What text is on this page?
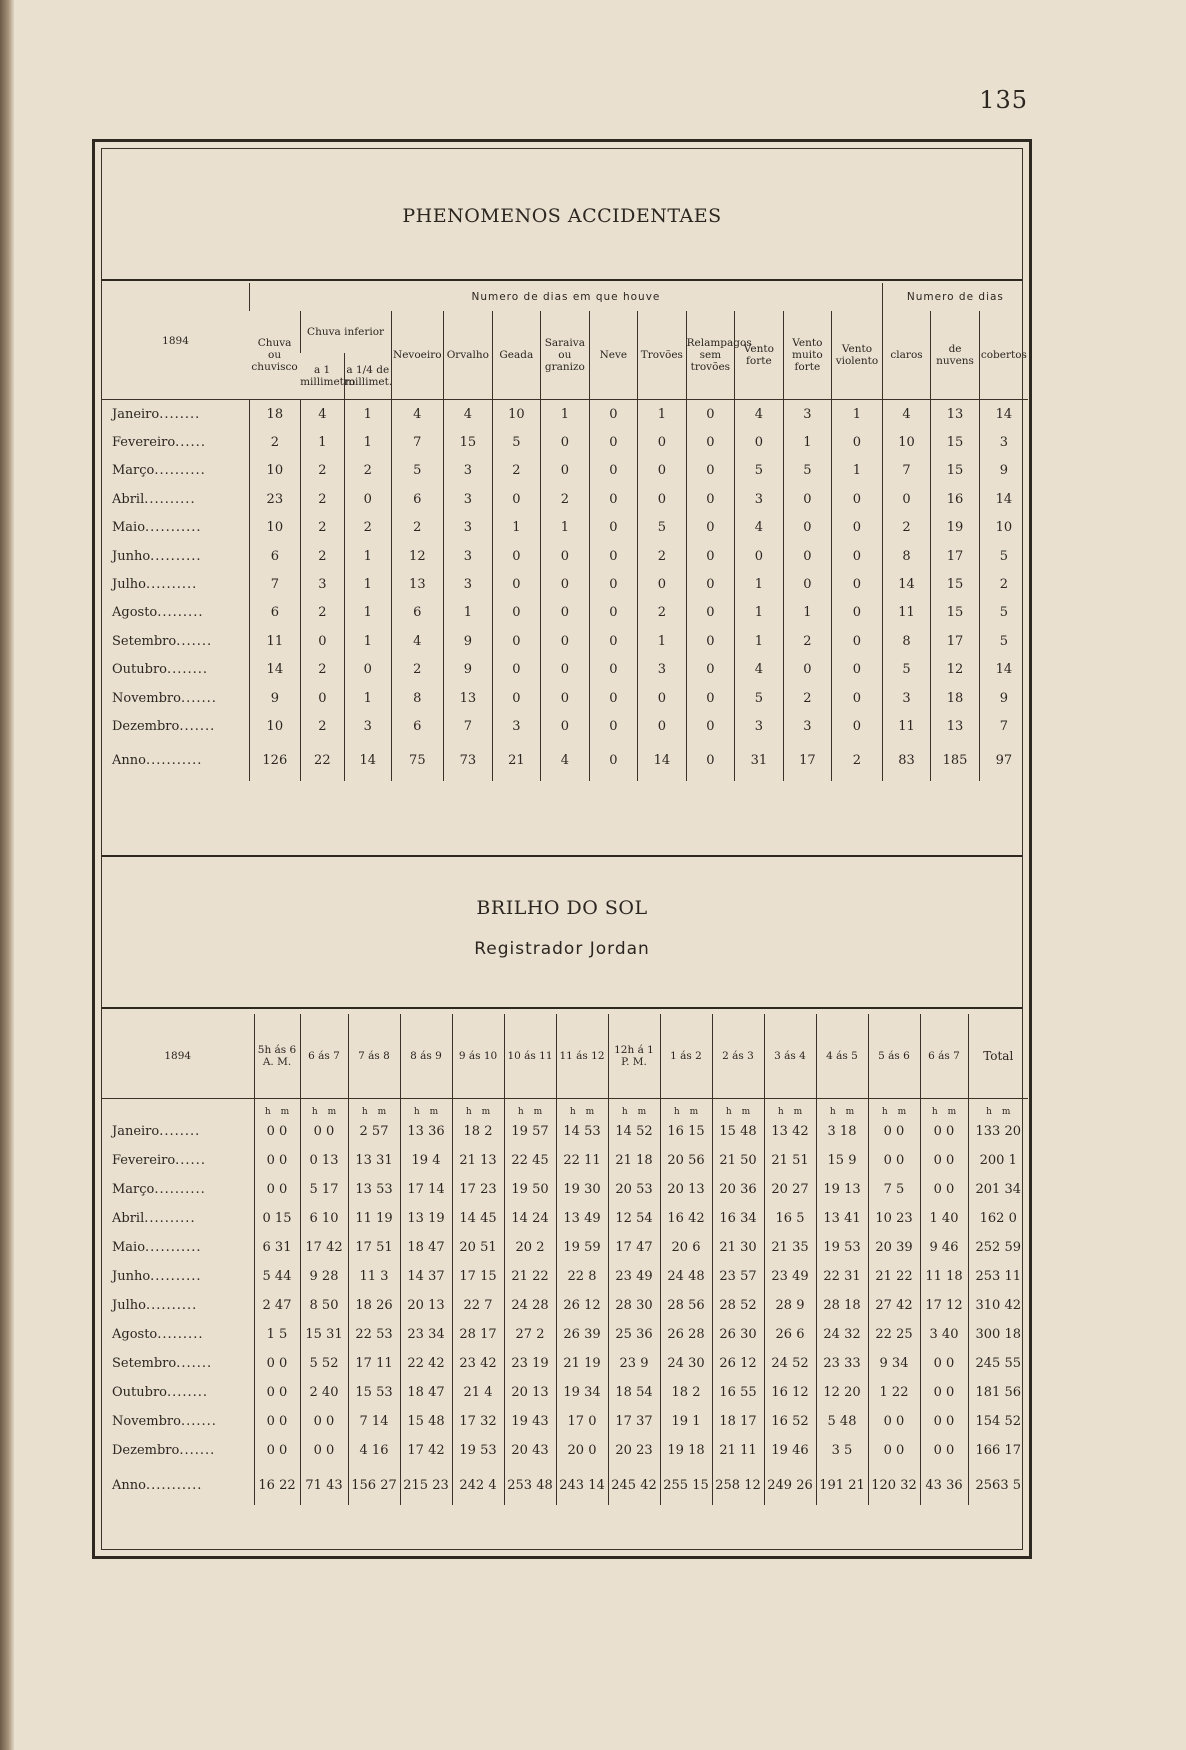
135
PHENOMENOS ACCIDENTAES
1894	Numero de dias em que houve													Numero de dias		
	Chuva ou chuvisco	Chuva inferior		Nevoeiro	Orvalho	Geada	Saraiva ou granizo	Neve	Trovões	Relampagos sem trovões	Vento forte	Vento muito forte	Vento violento	claros	de nuvens	cobertos
		a 1 millimetro	a 1/4 de millimet.													
Janeiro........	18	4	1	4	4	10	1	0	1	0	4	3	1	4	13	14
Fevereiro......	2	1	1	7	15	5	0	0	0	0	0	1	0	10	15	3
Março..........	10	2	2	5	3	2	0	0	0	0	5	5	1	7	15	9
Abril..........	23	2	0	6	3	0	2	0	0	0	3	0	0	0	16	14
Maio...........	10	2	2	2	3	1	1	0	5	0	4	0	0	2	19	10
Junho..........	6	2	1	12	3	0	0	0	2	0	0	0	0	8	17	5
Julho..........	7	3	1	13	3	0	0	0	0	0	1	0	0	14	15	2
Agosto.........	6	2	1	6	1	0	0	0	2	0	1	1	0	11	15	5
Setembro.......	11	0	1	4	9	0	0	0	1	0	1	2	0	8	17	5
Outubro........	14	2	0	2	9	0	0	0	3	0	4	0	0	5	12	14
Novembro.......	9	0	1	8	13	0	0	0	0	0	5	2	0	3	18	9
Dezembro.......	10	2	3	6	7	3	0	0	0	0	3	3	0	11	13	7
Anno...........	126	22	14	75	73	21	4	0	14	0	31	17	2	83	185	97
BRILHO DO SOL
Registrador Jordan
1894	5h ás 6 A. M.	6 ás 7	7 ás 8	8 ás 9	9 ás 10	10 ás 11	11 ás 12	12h á 1 P. M.	1 ás 2	2 ás 3	3 ás 4	4 ás 5	5 ás 6	6 ás 7	Total
	h m	h m	h m	h m	h m	h m	h m	h m	h m	h m	h m	h m	h m	h m	h m
Janeiro........	0 0	0 0	2 57	13 36	18 2	19 57	14 53	14 52	16 15	15 48	13 42	3 18	0 0	0 0	133 20
Fevereiro......	0 0	0 13	13 31	19 4	21 13	22 45	22 11	21 18	20 56	21 50	21 51	15 9	0 0	0 0	200 1
Março..........	0 0	5 17	13 53	17 14	17 23	19 50	19 30	20 53	20 13	20 36	20 27	19 13	7 5	0 0	201 34
Abril..........	0 15	6 10	11 19	13 19	14 45	14 24	13 49	12 54	16 42	16 34	16 5	13 41	10 23	1 40	162 0
Maio...........	6 31	17 42	17 51	18 47	20 51	20 2	19 59	17 47	20 6	21 30	21 35	19 53	20 39	9 46	252 59
Junho..........	5 44	9 28	11 3	14 37	17 15	21 22	22 8	23 49	24 48	23 57	23 49	22 31	21 22	11 18	253 11
Julho..........	2 47	8 50	18 26	20 13	22 7	24 28	26 12	28 30	28 56	28 52	28 9	28 18	27 42	17 12	310 42
Agosto.........	1 5	15 31	22 53	23 34	28 17	27 2	26 39	25 36	26 28	26 30	26 6	24 32	22 25	3 40	300 18
Setembro.......	0 0	5 52	17 11	22 42	23 42	23 19	21 19	23 9	24 30	26 12	24 52	23 33	9 34	0 0	245 55
Outubro........	0 0	2 40	15 53	18 47	21 4	20 13	19 34	18 54	18 2	16 55	16 12	12 20	1 22	0 0	181 56
Novembro.......	0 0	0 0	7 14	15 48	17 32	19 43	17 0	17 37	19 1	18 17	16 52	5 48	0 0	0 0	154 52
Dezembro.......	0 0	0 0	4 16	17 42	19 53	20 43	20 0	20 23	19 18	21 11	19 46	3 5	0 0	0 0	166 17
Anno...........	16 22	71 43	156 27	215 23	242 4	253 48	243 14	245 42	255 15	258 12	249 26	191 21	120 32	43 36	2563 5
